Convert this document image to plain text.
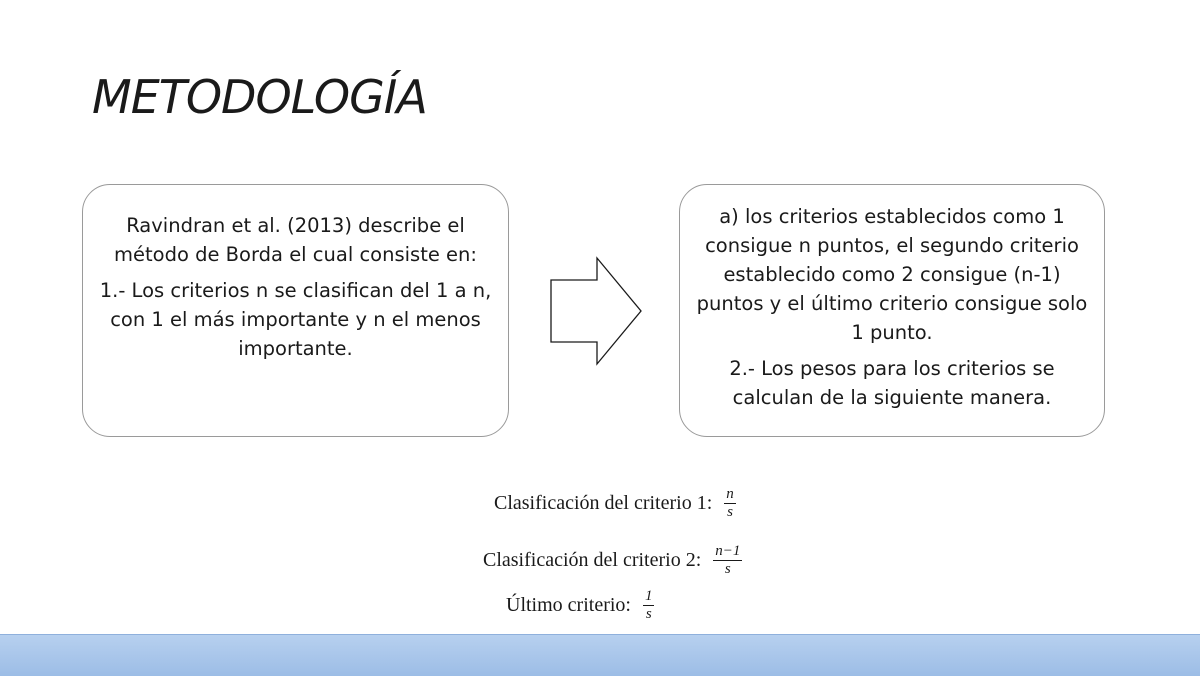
METODOLOGÍA

Ravindran et al. (2013) describe el método de Borda el cual consiste en:

1.- Los criterios n se clasifican del 1 a n, con 1 el más importante y n el menos importante.

a) los criterios establecidos como 1 consigue n puntos, el segundo criterio establecido como 2 consigue (n-1) puntos y el último criterio consigue solo 1 punto.

2.- Los pesos para los criterios se calculan de la siguiente manera.

Clasificación del criterio 1: $\frac{n}{s}$
Clasificación del criterio 2: $\frac{n-1}{s}$
Último criterio: $\frac{1}{s}$
